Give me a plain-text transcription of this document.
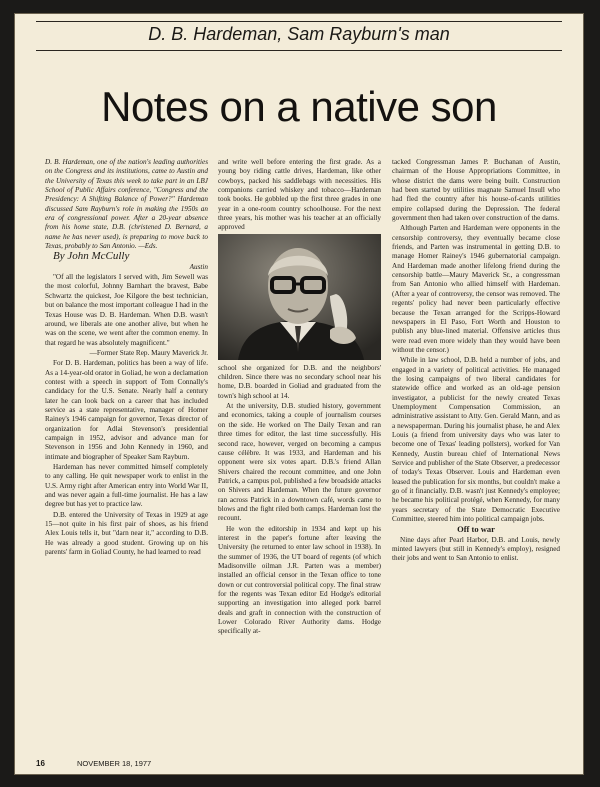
D. B. Hardeman, Sam Rayburn's man
Notes on a native son

D. B. Hardeman, one of the nation's leading authorities on the Congress and its institutions, came to Austin and the University of Texas this week to take part in an LBJ School of Public Affairs conference, "Congress and the Presidency: A Shifting Balance of Power?" Hardeman discussed Sam Rayburn's role in making the 1950s an era of congressional power. After a 20-year absence from his home state, D.B. (christened D. Bernard, a name he has never used), is preparing to move back to Texas, probably to San Antonio. —Eds.

By John McCully

Austin

"Of all the legislators I served with, Jim Sewell was the most colorful, Johnny Barnhart the bravest, Babe Schwartz the quickest, Joe Kilgore the best technician, but on balance the most important colleague I had in the Texas House was D. B. Hardeman. When D.B. wasn't around, we liberals ate one another alive, but when he was on the scene, we went after the common enemy. In that regard he was absolutely magnificent."

—Former State Rep. Maury Maverick Jr.

For D. B. Hardeman, politics has been a way of life. As a 14-year-old orator in Goliad, he won a declamation contest with a speech in support of Tom Connally's candidacy for the U.S. Senate. Nearly half a century later he can look back on a career that has included service as a state representative, manager of Homer Rainey's 1946 campaign for governor, Texas director of organization for Adlai Stevenson's presidential campaign in 1952, advisor and advance man for Stevenson in 1956 and John Kennedy in 1960, and intimate and biographer of Speaker Sam Rayburn.

Hardeman has never committed himself completely to any calling. He quit newspaper work to enlist in the U.S. Army right after American entry into World War II, and was never again a full-time journalist. He has a law degree but has yet to practice law.

D.B. entered the University of Texas in 1929 at age 15—not quite in his first pair of shoes, as his friend Alex Louis tells it, but "darn near it," according to D.B. He was already a good student. Growing up on his parents' farm in Goliad County, he had learned to read

and write well before entering the first grade. As a young boy riding cattle drives, Hardeman, like other cowboys, packed his saddlebags with necessities. His companions carried whiskey and tobacco—Hardeman took books. He gobbled up the first three grades in one year in a one-room country schoolhouse. For the next three years, his mother was his teacher at an officially approved

school she organized for D.B. and the neighbors' children. Since there was no secondary school near his home, D.B. boarded in Goliad and graduated from the town's high school at 14.

At the university, D.B. studied history, government and economics, taking a couple of journalism courses on the side. He worked on The Daily Texan and ran three times for editor, the last time successfully. His second race, however, verged on becoming a campus cause célèbre. It was 1933, and Hardeman and his opponent were six votes apart. D.B.'s friend Allan Shivers chaired the recount committee, and one John Patrick, a campus pol, published a few broadside attacks on Shivers and Hardeman. When the future governor ran across Patrick in a downtown café, words came to blows and the fight riled both camps. Hardeman lost the recount.

He won the editorship in 1934 and kept up his interest in the paper's fortune after leaving the University (he returned to enter law school in 1938). In the summer of 1936, the UT board of regents (of which Madisonville oilman J.R. Parten was a member) installed an official censor in the Texan office to tone down or cut controversial political copy. The final straw for the regents was Texan editor Ed Hodge's editorial supporting an investigation into alleged pork barrel deals and graft in connection with the construction of Lower Colorado River Authority dams. Hodge specifically at-

tacked Congressman James P. Buchanan of Austin, chairman of the House Appropriations Committee, in whose district the dams were being built. Construction had been started by utilities magnate Samuel Insull who had fled the country after his house-of-cards utilities empire collapsed during the Depression. The federal government then had taken over construction of the dams.

Although Parten and Hardeman were opponents in the censorship controversy, they eventually became close friends, and Parten was instrumental in getting D.B. to manage Homer Rainey's 1946 gubernatorial campaign. And Hardeman made another lifelong friend during the censorship battle—Maury Maverick Sr., a congressman from San Antonio who allied himself with Hardeman. (After a year of controversy, the censor was removed. The regents' policy had never been particularly effective because the Texan arranged for the Scripps-Howard newspapers in El Paso, Fort Worth and Houston to publish any blue-lined material. Offensive articles thus were read even more widely than they would have been without the censor.)

While in law school, D.B. held a number of jobs, and engaged in a variety of political activities. He managed the losing campaigns of two liberal candidates for statewide office and worked as an old-age pension investigator, a publicist for the newly created Texas Unemployment Compensation Commission, an administrative assistant to Atty. Gen. Gerald Mann, and as a newspaperman. During his journalist phase, he and Alex Louis (a friend from university days who was later to become one of Texas' leading pollsters), worked for Van Kennedy, Austin bureau chief of International News Service and publisher of the State Observer, a predecessor of today's Texas Observer. Louis and Hardeman even leased the publication for six months, but couldn't make a go of it financially. D.B. wasn't just Kennedy's employee; he became his political protégé, when Kennedy, for many years secretary of the State Democratic Executive Committee, steered him into political campaign jobs.

Off to war

Nine days after Pearl Harbor, D.B. and Louis, newly minted lawyers (but still in Kennedy's employ), resigned their jobs and went to San Antonio to enlist.

16	NOVEMBER 18, 1977
